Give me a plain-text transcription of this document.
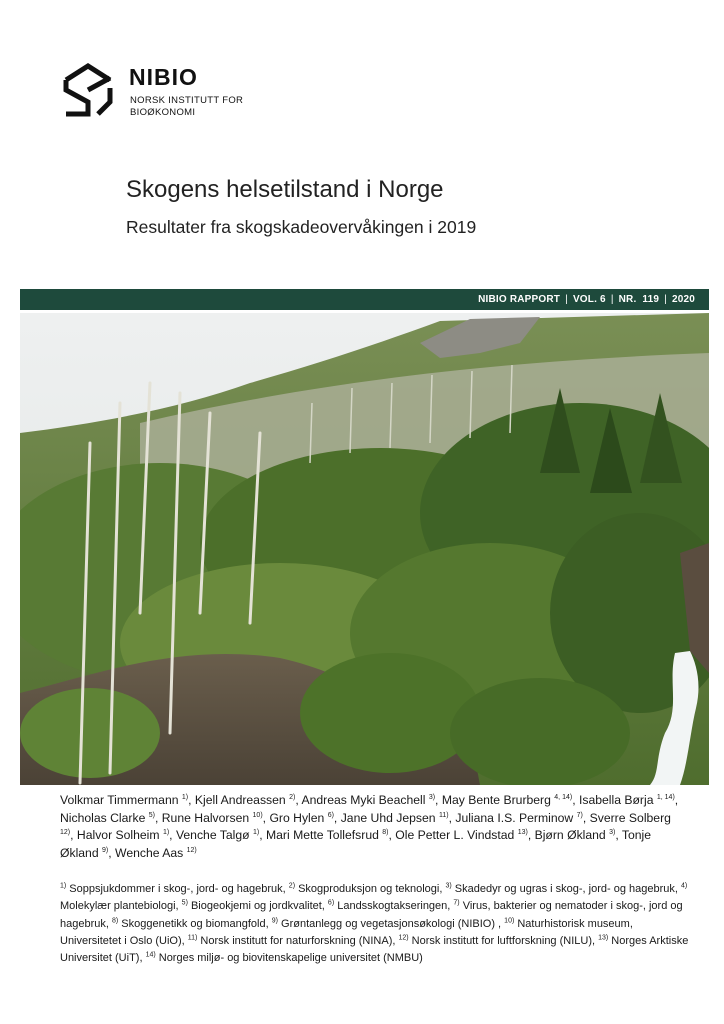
NIBIO
NORSK INSTITUTT FOR
BIOØKONOMI
Skogens helsetilstand i Norge
Resultater fra skogskadeovervåkingen i 2019
NIBIO RAPPORT | VOL. 6 | NR.  119 | 2020
Volkmar Timmermann $^{1)}$, Kjell Andreassen $^{2)}$, Andreas Myki Beachell $^{3)}$, May Bente Brurberg $^{4, 14)}$, Isabella Børja $^{1, 14)}$, Nicholas Clarke $^{5)}$, Rune Halvorsen $^{10)}$, Gro Hylen $^{6)}$, Jane Uhd Jepsen $^{11)}$, Juliana I.S. Perminow $^{7)}$, Sverre Solberg $^{12)}$, Halvor Solheim $^{1)}$, Venche Talgø $^{1)}$, Mari Mette Tollefsrud $^{8)}$, Ole Petter L. Vindstad $^{13)}$, Bjørn Økland $^{3)}$, Tonje Økland $^{9)}$, Wenche Aas $^{12)}$
$^{1)}$ Soppsjukdommer i skog-, jord- og hagebruk, $^{2)}$ Skogproduksjon og teknologi, $^{3)}$ Skadedyr og ugras i skog-, jord- og hagebruk, $^{4)}$ Molekylær plantebiologi, $^{5)}$ Biogeokjemi og jordkvalitet, $^{6)}$ Landsskogtakseringen, $^{7)}$ Virus, bakterier og nematoder i skog-, jord og hagebruk, $^{8)}$ Skoggenetikk og biomangfold, $^{9)}$ Grøntanlegg og vegetasjonsøkologi (NIBIO) , $^{10)}$ Naturhistorisk museum, Universitetet i Oslo (UiO), $^{11)}$ Norsk institutt for naturforskning (NINA), $^{12)}$ Norsk institutt for luftforskning (NILU), $^{13)}$ Norges Arktiske Universitet (UiT), $^{14)}$ Norges miljø- og biovitenskapelige universitet (NMBU)
